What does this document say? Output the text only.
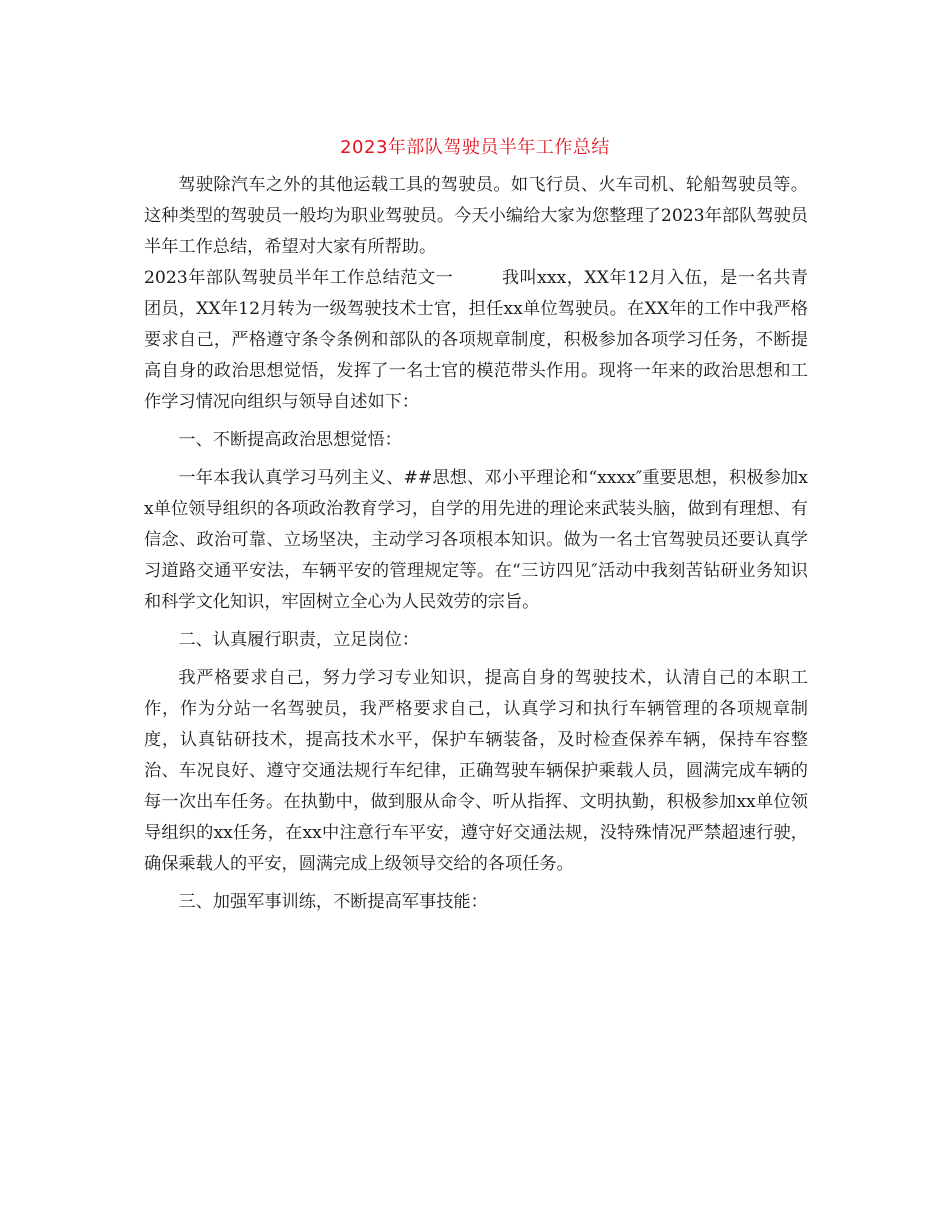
2023年部队驾驶员半年工作总结

驾驶除汽车之外的其他运载工具的驾驶员。如飞行员、火车司机、轮船驾驶员等。这种类型的驾驶员一般均为职业驾驶员。今天小编给大家为您整理了2023年部队驾驶员半年工作总结，希望对大家有所帮助。

2023年部队驾驶员半年工作总结范文一	我叫xxx，XX年12月入伍，是一名共青团员，XX年12月转为一级驾驶技术士官，担任xx单位驾驶员。在XX年的工作中我严格要求自己，严格遵守条令条例和部队的各项规章制度，积极参加各项学习任务，不断提高自身的政治思想觉悟，发挥了一名士官的模范带头作用。现将一年来的政治思想和工作学习情况向组织与领导自述如下：

一、不断提高政治思想觉悟：

一年本我认真学习马列主义、##思想、邓小平理论和“xxxx″重要思想，积极参加xx单位领导组织的各项政治教育学习，自学的用先进的理论来武装头脑，做到有理想、有信念、政治可靠、立场坚决，主动学习各项根本知识。做为一名士官驾驶员还要认真学习道路交通平安法，车辆平安的管理规定等。在“三访四见″活动中我刻苦钻研业务知识和科学文化知识，牢固树立全心为人民效劳的宗旨。

二、认真履行职责，立足岗位：

我严格要求自己，努力学习专业知识，提高自身的驾驶技术，认清自己的本职工作，作为分站一名驾驶员，我严格要求自己，认真学习和执行车辆管理的各项规章制度，认真钻研技术，提高技术水平，保护车辆装备，及时检查保养车辆，保持车容整治、车况良好、遵守交通法规行车纪律，正确驾驶车辆保护乘载人员，圆满完成车辆的每一次出车任务。在执勤中，做到服从命令、听从指挥、文明执勤，积极参加xx单位领导组织的xx任务，在xx中注意行车平安，遵守好交通法规，没特殊情况严禁超速行驶，确保乘载人的平安，圆满完成上级领导交给的各项任务。

三、加强军事训练，不断提高军事技能：
